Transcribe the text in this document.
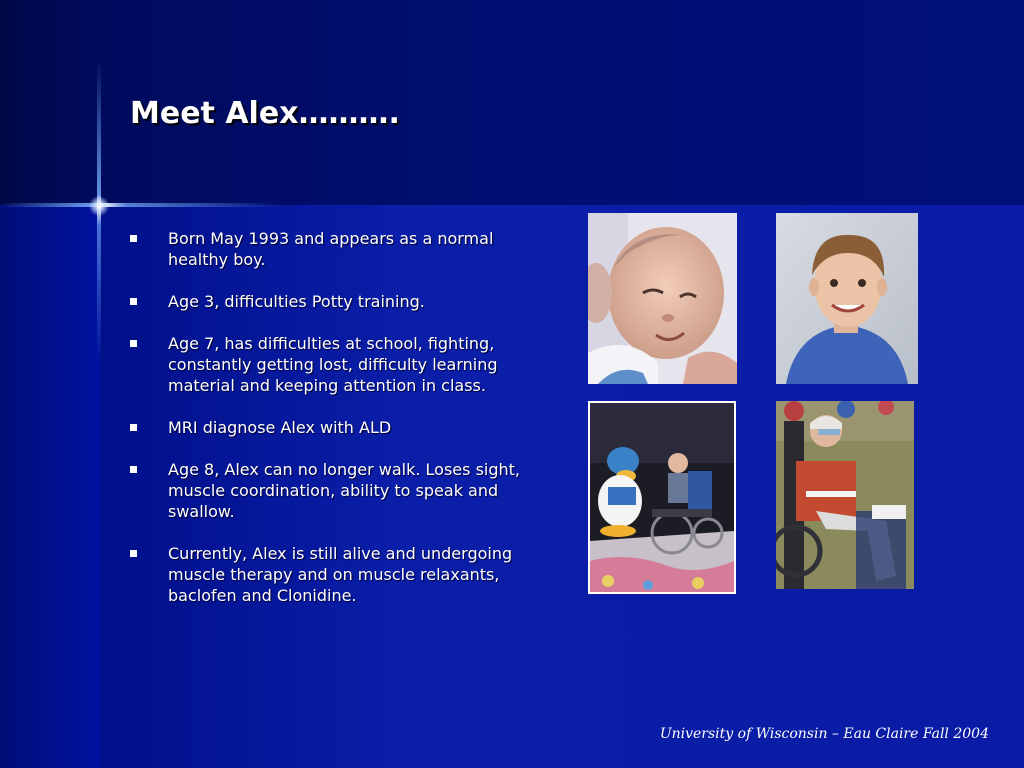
Meet Alex……….
Born May 1993 and appears as a normal healthy boy.
Age 3, difficulties Potty training.
Age 7, has difficulties at school, fighting, constantly getting lost, difficulty learning material and keeping attention in class.
MRI diagnose Alex with ALD
Age 8, Alex can no longer walk. Loses sight, muscle coordination, ability to speak and swallow.
Currently, Alex is still alive and undergoing muscle therapy and on muscle relaxants, baclofen and Clonidine.
University of Wisconsin – Eau Claire Fall 2004
